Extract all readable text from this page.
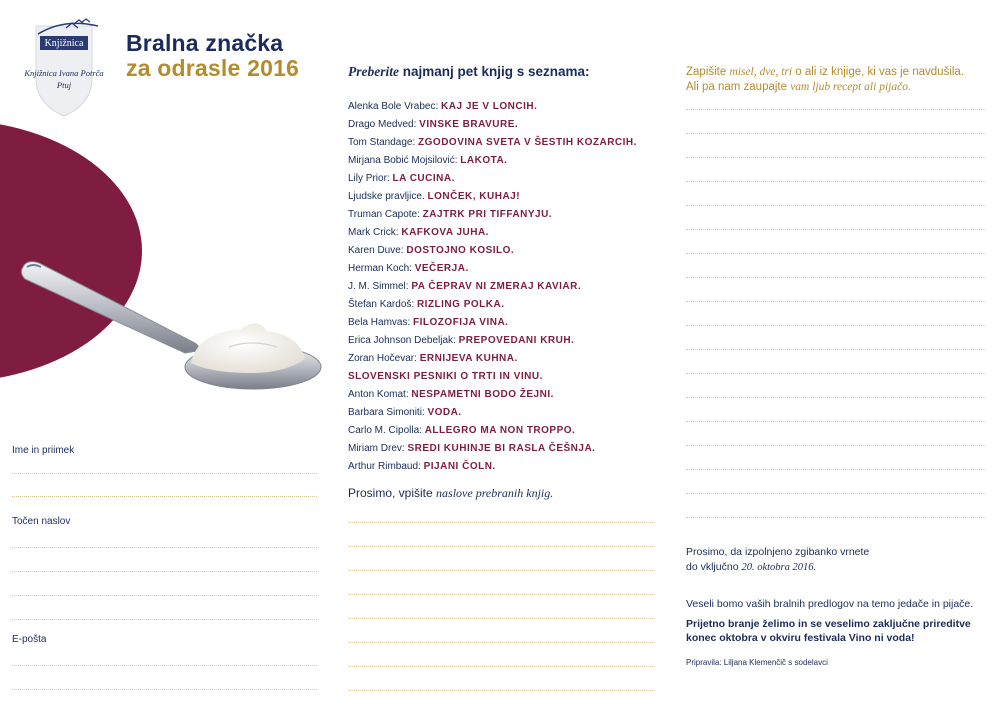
Knjižnica
Knjižnica Ivana Potrča
Ptuj
Bralna značka
za odrasle 2016
Ime in priimek
Točen naslov
E-pošta
Preberite najmanj pet knjig s seznama:
Alenka Bole Vrabec: KAJ JE V LONCIH.
Drago Medved: VINSKE BRAVURE.
Tom Standage: ZGODOVINA SVETA V ŠESTIH KOZARCIH.
Mirjana Bobić Mojsilović: LAKOTA.
Lily Prior: LA CUCINA.
Ljudske pravljice. LONČEK, KUHAJ!
Truman Capote: ZAJTRK PRI TIFFANYJU.
Mark Crick: KAFKOVA JUHA.
Karen Duve: DOSTOJNO KOSILO.
Herman Koch: VEČERJA.
J. M. Simmel: PA ČEPRAV NI ZMERAJ KAVIAR.
Štefan Kardoš: RIZLING POLKA.
Bela Hamvas: FILOZOFIJA VINA.
Erica Johnson Debeljak: PREPOVEDANI KRUH.
Zoran Hočevar: ERNIJEVA KUHNA.
SLOVENSKI PESNIKI O TRTI IN VINU.
Anton Komat: NESPAMETNI BODO ŽEJNI.
Barbara Simoniti: VODA.
Carlo M. Cipolla: ALLEGRO MA NON TROPPO.
Miriam Drev: SREDI KUHINJE BI RASLA ČEŠNJA.
Arthur Rimbaud: PIJANI ČOLN.
Prosimo, vpišite naslove prebranih knjig.
Zapišite misel, dve, tri o ali iz knjige, ki vas je navdušila.
Ali pa nam zaupajte vam ljub recept ali pijačo.
Prosimo, da izpolnjeno zgibanko vrnete
do vključno 20. oktobra 2016.
Veseli bomo vaših bralnih predlogov na temo jedače in pijače.
Prijetno branje želimo in se veselimo zaključne prireditve konec oktobra v okviru festivala Vino ni voda!
Pripravila: Liljana Klemenčič s sodelavci
